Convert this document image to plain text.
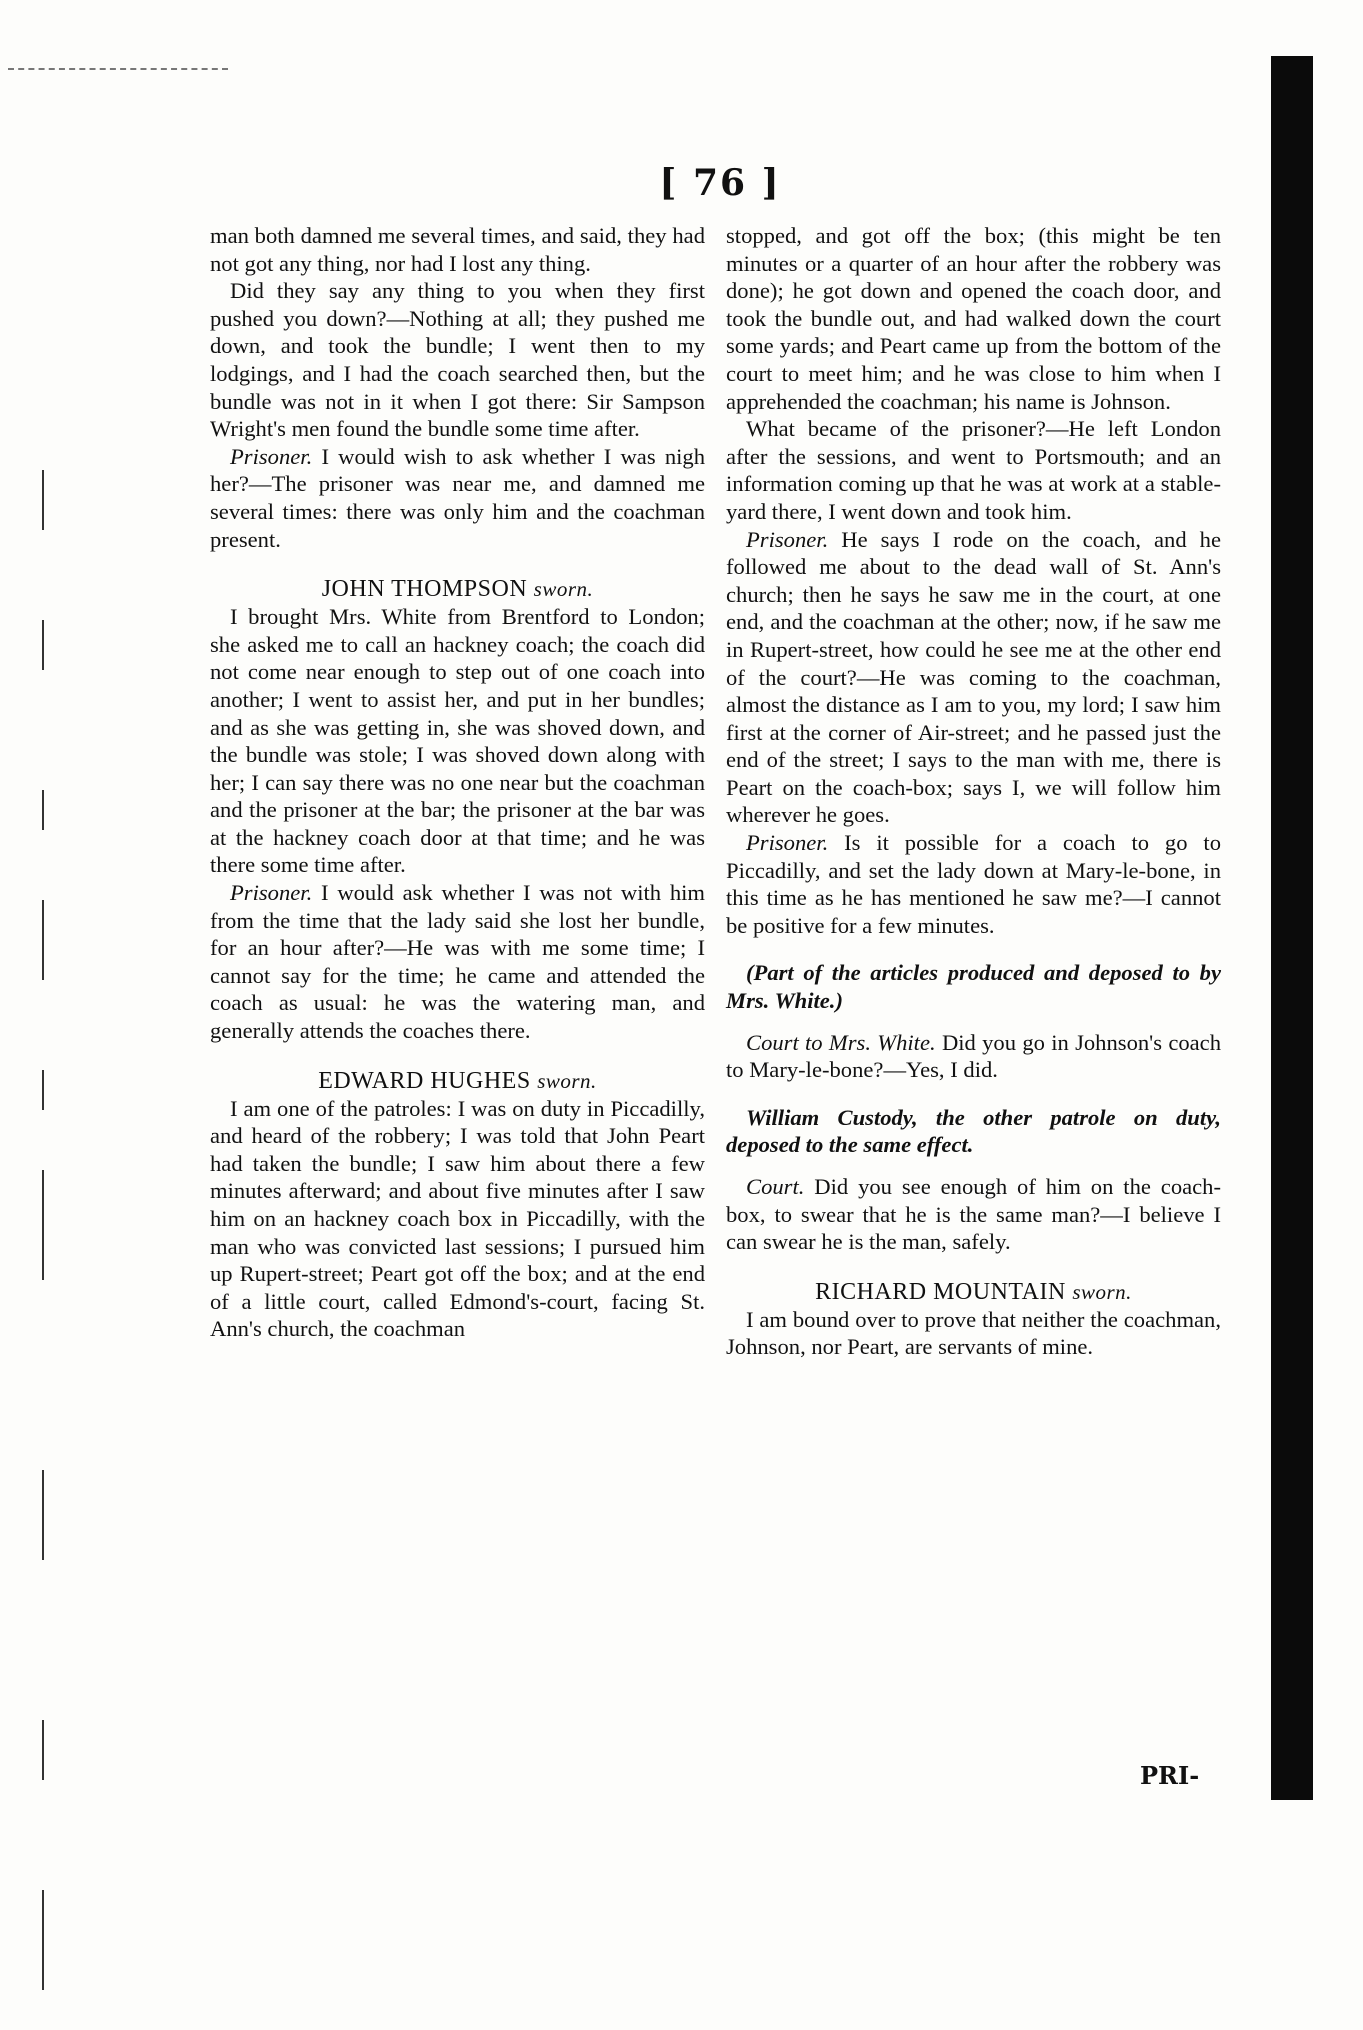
[ 76 ]

man both damned me several times, and said, they had not got any thing, nor had I lost any thing.

Did they say any thing to you when they first pushed you down?—Nothing at all; they pushed me down, and took the bundle; I went then to my lodgings, and I had the coach searched then, but the bundle was not in it when I got there: Sir Sampson Wright's men found the bundle some time after.

Prisoner. I would wish to ask whether I was nigh her?—The prisoner was near me, and damned me several times: there was only him and the coachman present.

JOHN THOMPSON sworn.

I brought Mrs. White from Brentford to London; she asked me to call an hackney coach; the coach did not come near enough to step out of one coach into another; I went to assist her, and put in her bundles; and as she was getting in, she was shoved down, and the bundle was stole; I was shoved down along with her; I can say there was no one near but the coachman and the prisoner at the bar; the prisoner at the bar was at the hackney coach door at that time; and he was there some time after.

Prisoner. I would ask whether I was not with him from the time that the lady said she lost her bundle, for an hour after?—He was with me some time; I cannot say for the time; he came and attended the coach as usual: he was the watering man, and generally attends the coaches there.

EDWARD HUGHES sworn.

I am one of the patroles: I was on duty in Piccadilly, and heard of the robbery; I was told that John Peart had taken the bundle; I saw him about there a few minutes afterward; and about five minutes after I saw him on an hackney coach box in Piccadilly, with the man who was convicted last sessions; I pursued him up Rupert-street; Peart got off the box; and at the end of a little court, called Edmond's-court, facing St. Ann's church, the coachman

stopped, and got off the box; (this might be ten minutes or a quarter of an hour after the robbery was done); he got down and opened the coach door, and took the bundle out, and had walked down the court some yards; and Peart came up from the bottom of the court to meet him; and he was close to him when I apprehended the coachman; his name is Johnson.

What became of the prisoner?—He left London after the sessions, and went to Portsmouth; and an information coming up that he was at work at a stable-yard there, I went down and took him.

Prisoner. He says I rode on the coach, and he followed me about to the dead wall of St. Ann's church; then he says he saw me in the court, at one end, and the coachman at the other; now, if he saw me in Rupert-street, how could he see me at the other end of the court?—He was coming to the coachman, almost the distance as I am to you, my lord; I saw him first at the corner of Air-street; and he passed just the end of the street; I says to the man with me, there is Peart on the coach-box; says I, we will follow him wherever he goes.

Prisoner. Is it possible for a coach to go to Piccadilly, and set the lady down at Mary-le-bone, in this time as he has mentioned he saw me?—I cannot be positive for a few minutes.

(Part of the articles produced and deposed to by Mrs. White.)

Court to Mrs. White. Did you go in Johnson's coach to Mary-le-bone?—Yes, I did.

William Custody, the other patrole on duty, deposed to the same effect.

Court. Did you see enough of him on the coach-box, to swear that he is the same man?—I believe I can swear he is the man, safely.

RICHARD MOUNTAIN sworn.

I am bound over to prove that neither the coachman, Johnson, nor Peart, are servants of mine.

PRI-
